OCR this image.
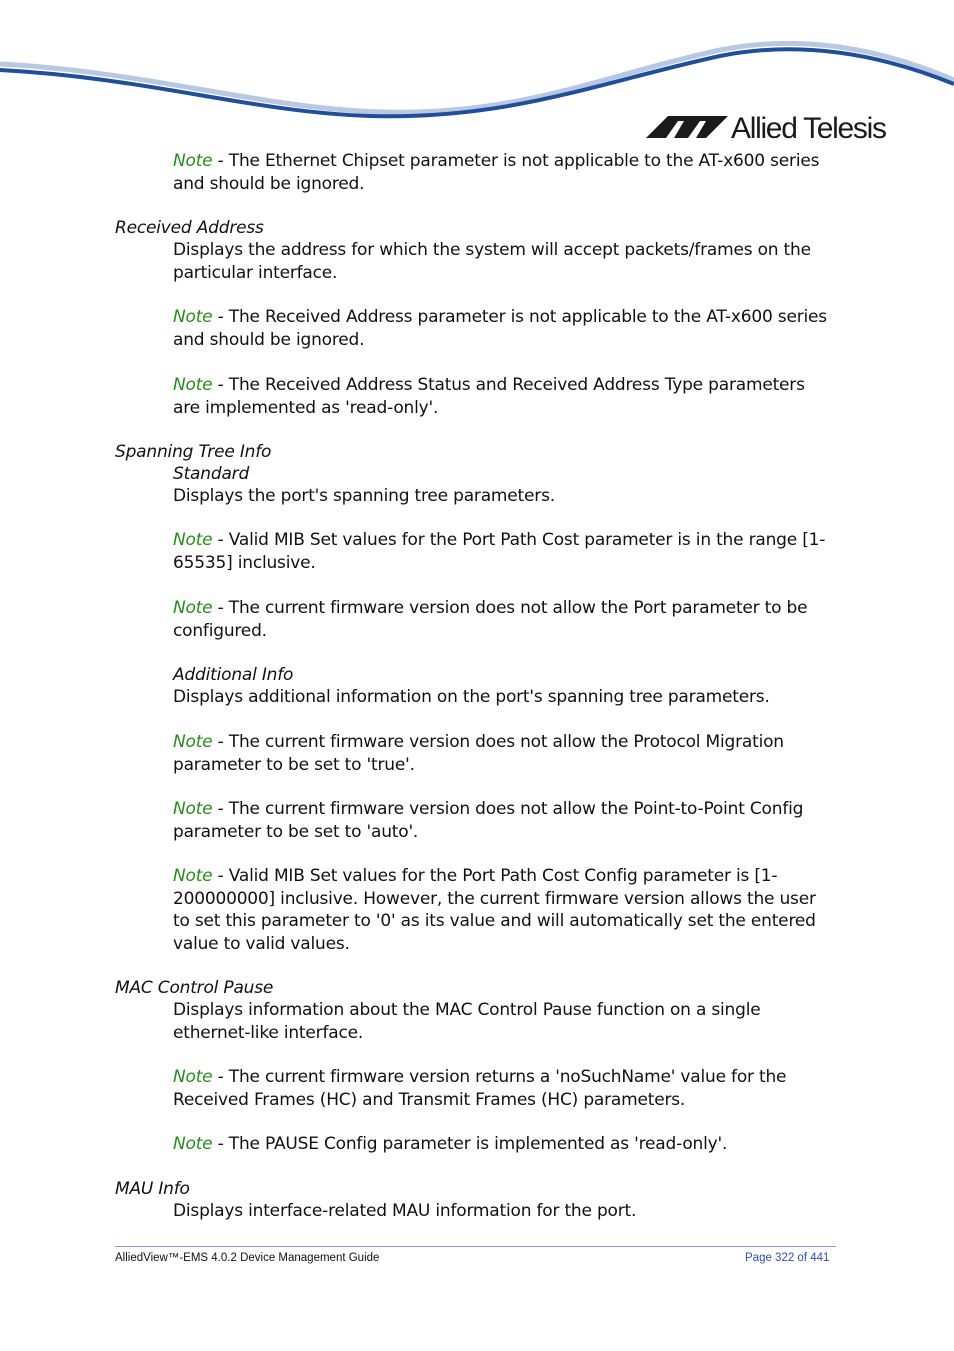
Allied Telesis
Note - The Ethernet Chipset parameter is not applicable to the AT-x600 series and should be ignored.
Received Address
Displays the address for which the system will accept packets/frames on the particular interface.
Note - The Received Address parameter is not applicable to the AT-x600 series and should be ignored.
Note - The Received Address Status and Received Address Type parameters are implemented as 'read-only'.
Spanning Tree Info
Standard
Displays the port's spanning tree parameters.
Note - Valid MIB Set values for the Port Path Cost parameter is in the range [1-65535] inclusive.
Note - The current firmware version does not allow the Port parameter to be configured.
Additional Info
Displays additional information on the port's spanning tree parameters.
Note - The current firmware version does not allow the Protocol Migration parameter to be set to 'true'.
Note - The current firmware version does not allow the Point-to-Point Config parameter to be set to 'auto'.
Note - Valid MIB Set values for the Port Path Cost Config parameter is [1-200000000] inclusive. However, the current firmware version allows the user to set this parameter to '0' as its value and will automatically set the entered value to valid values.
MAC Control Pause
Displays information about the MAC Control Pause function on a single ethernet-like interface.
Note - The current firmware version returns a 'noSuchName' value for the Received Frames (HC) and Transmit Frames (HC) parameters.
Note - The PAUSE Config parameter is implemented as 'read-only'.
MAU Info
Displays interface-related MAU information for the port.
AlliedView™-EMS 4.0.2 Device Management Guide	Page 322 of 441
